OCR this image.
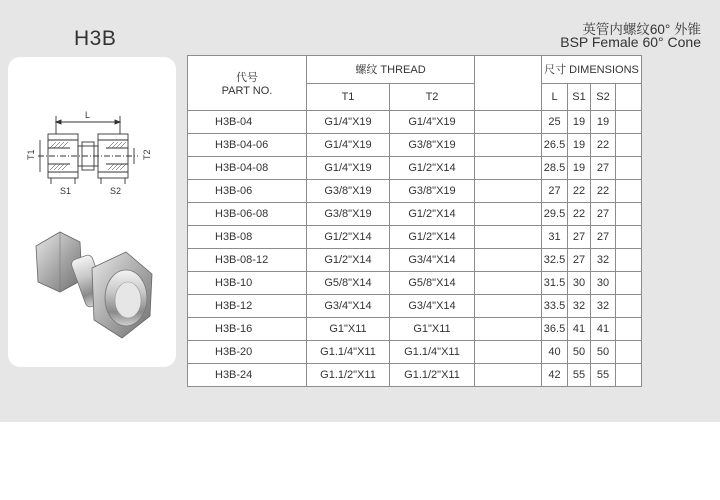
H3B	英管内螺纹60° 外锥
BSP Female 60° Cone
L
T1	T2
S1	S2
代号
PART NO.	螺纹 THREAD			尺寸 DIMENSIONS			
	T1	T2		L	S1	S2	
H3B-04	G1/4"X19	G1/4"X19		25	19	19	
H3B-04-06	G1/4"X19	G3/8"X19		26.5	19	22	
H3B-04-08	G1/4"X19	G1/2"X14		28.5	19	27	
H3B-06	G3/8"X19	G3/8"X19		27	22	22	
H3B-06-08	G3/8"X19	G1/2"X14		29.5	22	27	
H3B-08	G1/2"X14	G1/2"X14		31	27	27	
H3B-08-12	G1/2"X14	G3/4"X14		32.5	27	32	
H3B-10	G5/8"X14	G5/8"X14		31.5	30	30	
H3B-12	G3/4"X14	G3/4"X14		33.5	32	32	
H3B-16	G1"X11	G1"X11		36.5	41	41	
H3B-20	G1.1/4"X11	G1.1/4"X11		40	50	50	
H3B-24	G1.1/2"X11	G1.1/2"X11		42	55	55	
